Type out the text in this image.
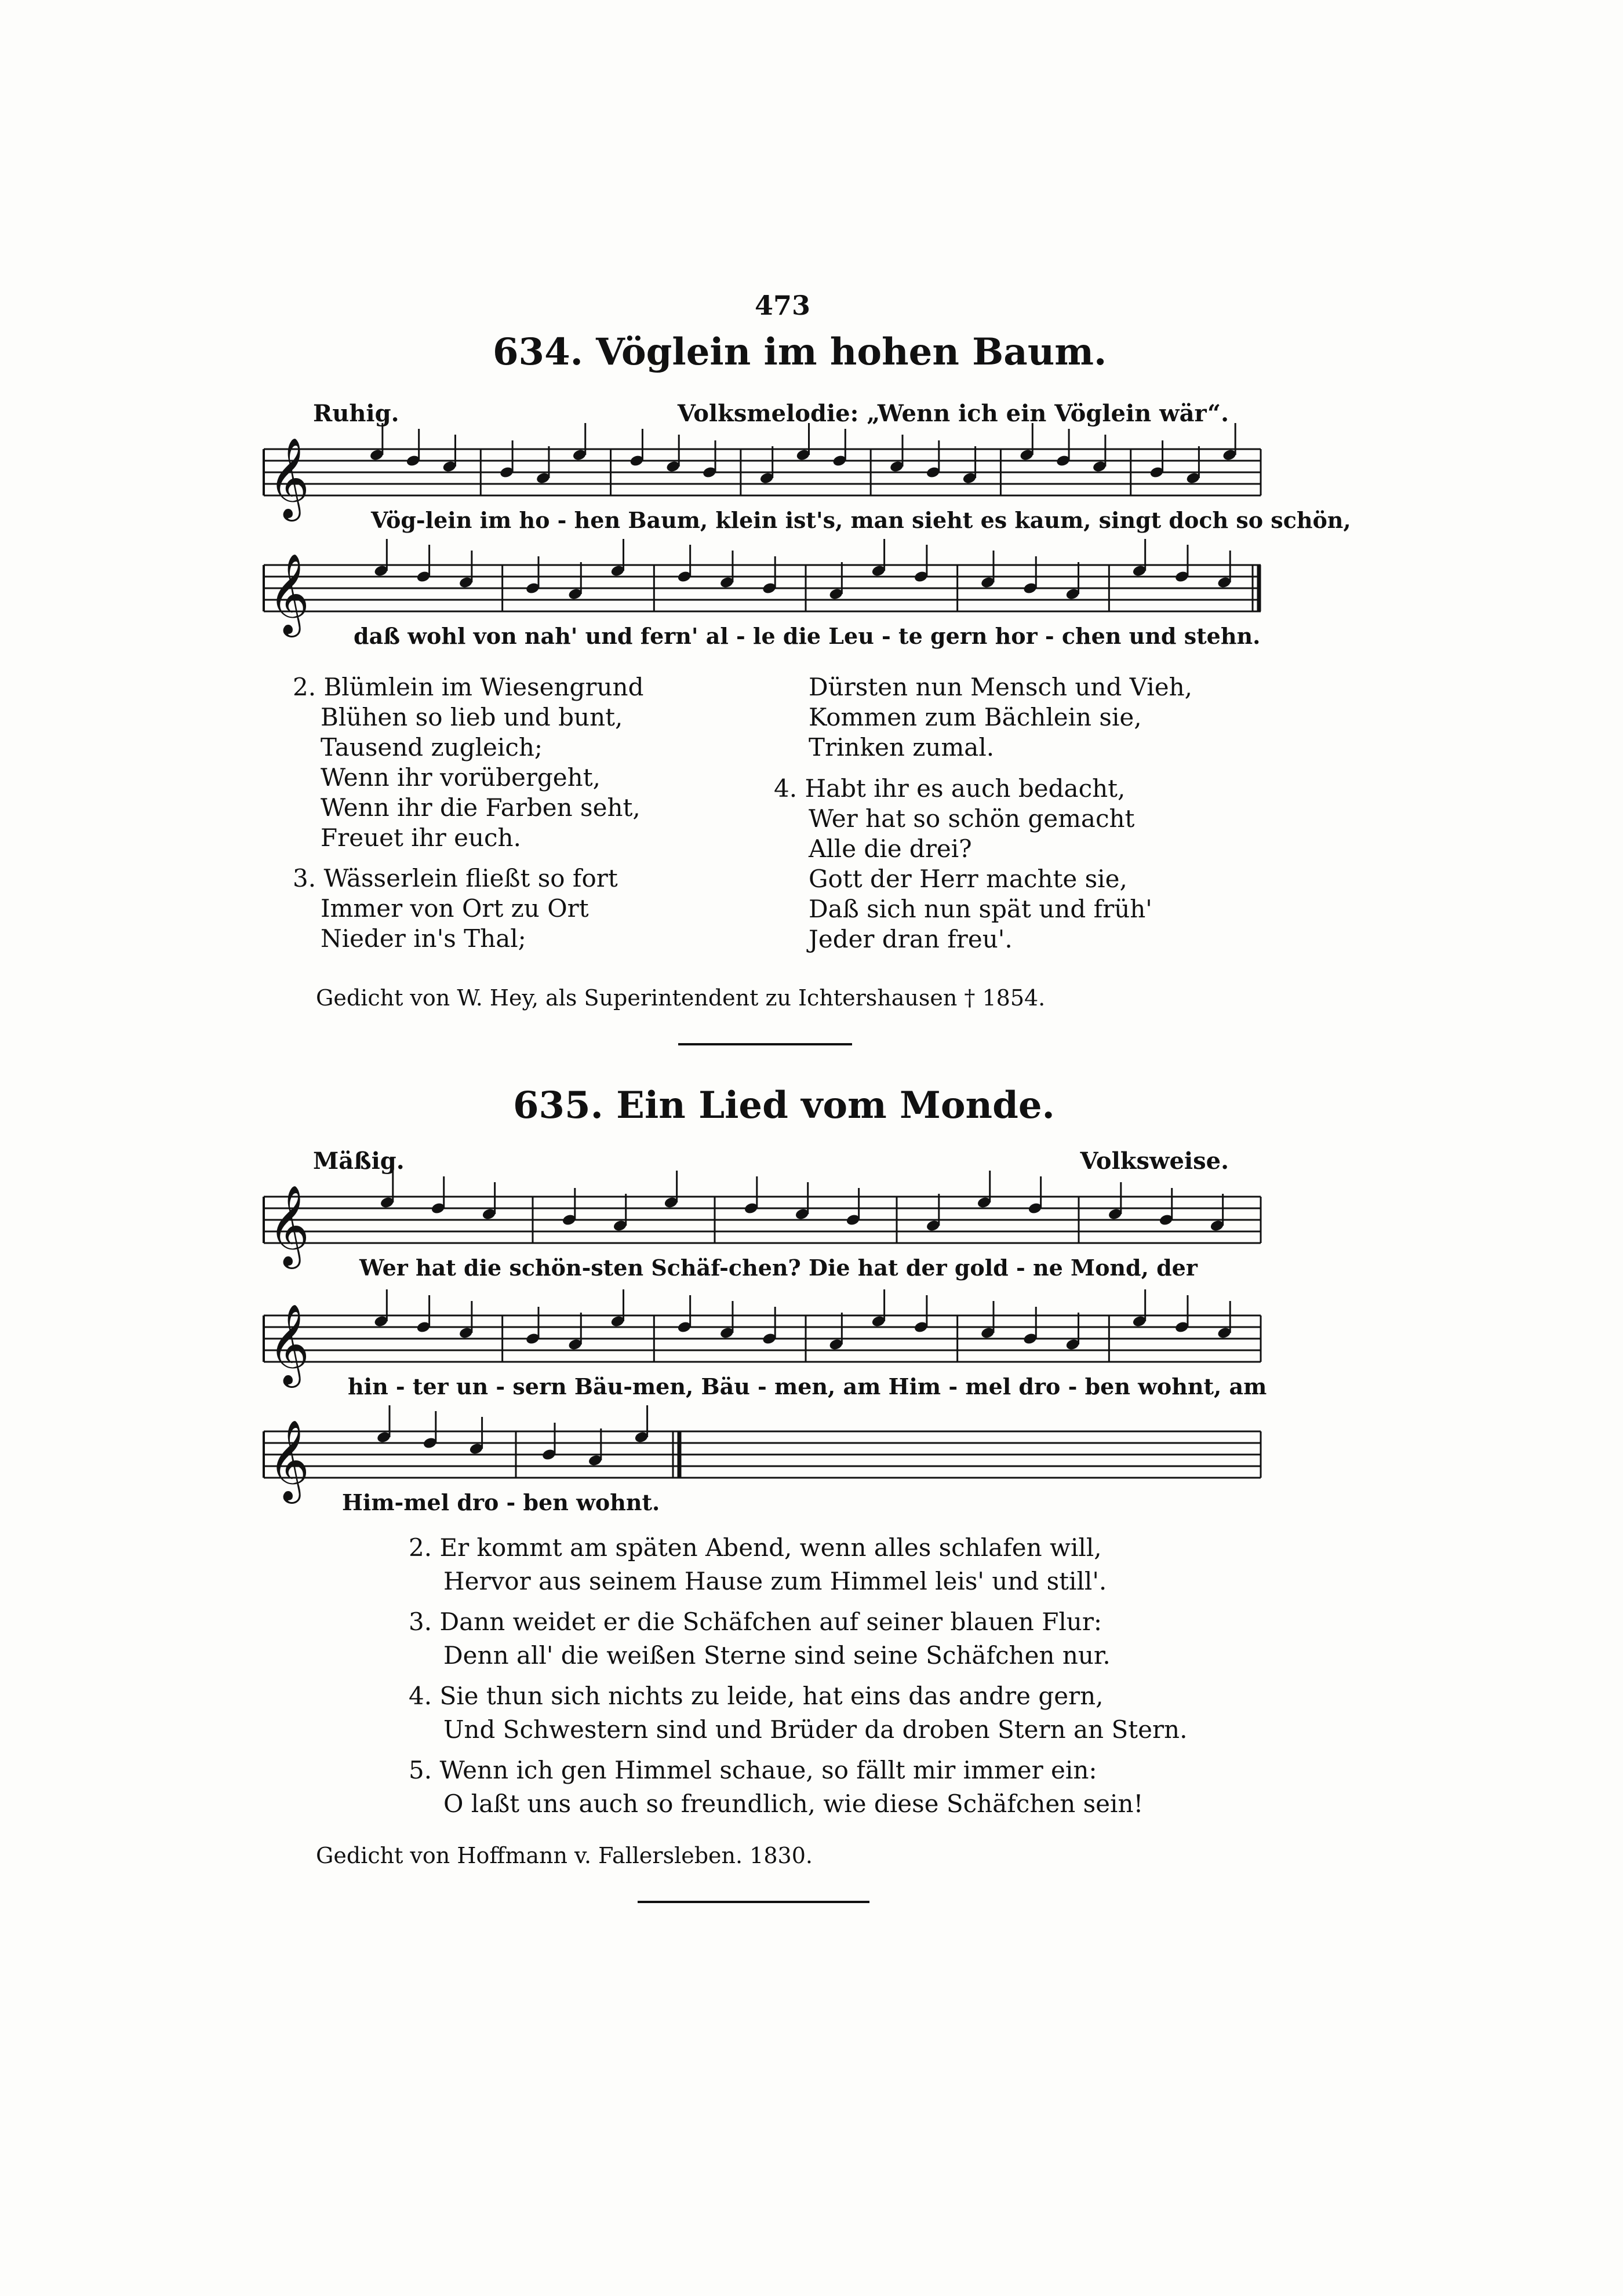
473
634. Vöglein im hohen Baum.
Ruhig.	Volksmelodie: „Wenn ich ein Vöglein wär“.
𝄞
Vög-lein im ho - hen Baum, klein ist's, man sieht es kaum, singt doch so schön,
𝄞
daß wohl von nah' und fern' al - le die Leu - te gern hor - chen und stehn.
2. Blümlein im Wiesengrund
Blühen so lieb und bunt,
Tausend zugleich;
Wenn ihr vorübergeht,
Wenn ihr die Farben seht,
Freuet ihr euch.
3. Wässerlein fließt so fort
Immer von Ort zu Ort
Nieder in's Thal;
Dürsten nun Mensch und Vieh,
Kommen zum Bächlein sie,
Trinken zumal.
4. Habt ihr es auch bedacht,
Wer hat so schön gemacht
Alle die drei?
Gott der Herr machte sie,
Daß sich nun spät und früh'
Jeder dran freu'.
Gedicht von W. Hey, als Superintendent zu Ichtershausen † 1854.
635. Ein Lied vom Monde.
Mäßig.	Volksweise.
𝄞
Wer hat die schön-sten Schäf-chen? Die hat der gold - ne Mond, der
𝄞
hin - ter un - sern Bäu-men, Bäu - men, am Him - mel dro - ben wohnt, am
𝄞
Him-mel dro - ben wohnt.
2. Er kommt am späten Abend, wenn alles schlafen will,
Hervor aus seinem Hause zum Himmel leis' und still'.
3. Dann weidet er die Schäfchen auf seiner blauen Flur:
Denn all' die weißen Sterne sind seine Schäfchen nur.
4. Sie thun sich nichts zu leide, hat eins das andre gern,
Und Schwestern sind und Brüder da droben Stern an Stern.
5. Wenn ich gen Himmel schaue, so fällt mir immer ein:
O laßt uns auch so freundlich, wie diese Schäfchen sein!
Gedicht von Hoffmann v. Fallersleben. 1830.
